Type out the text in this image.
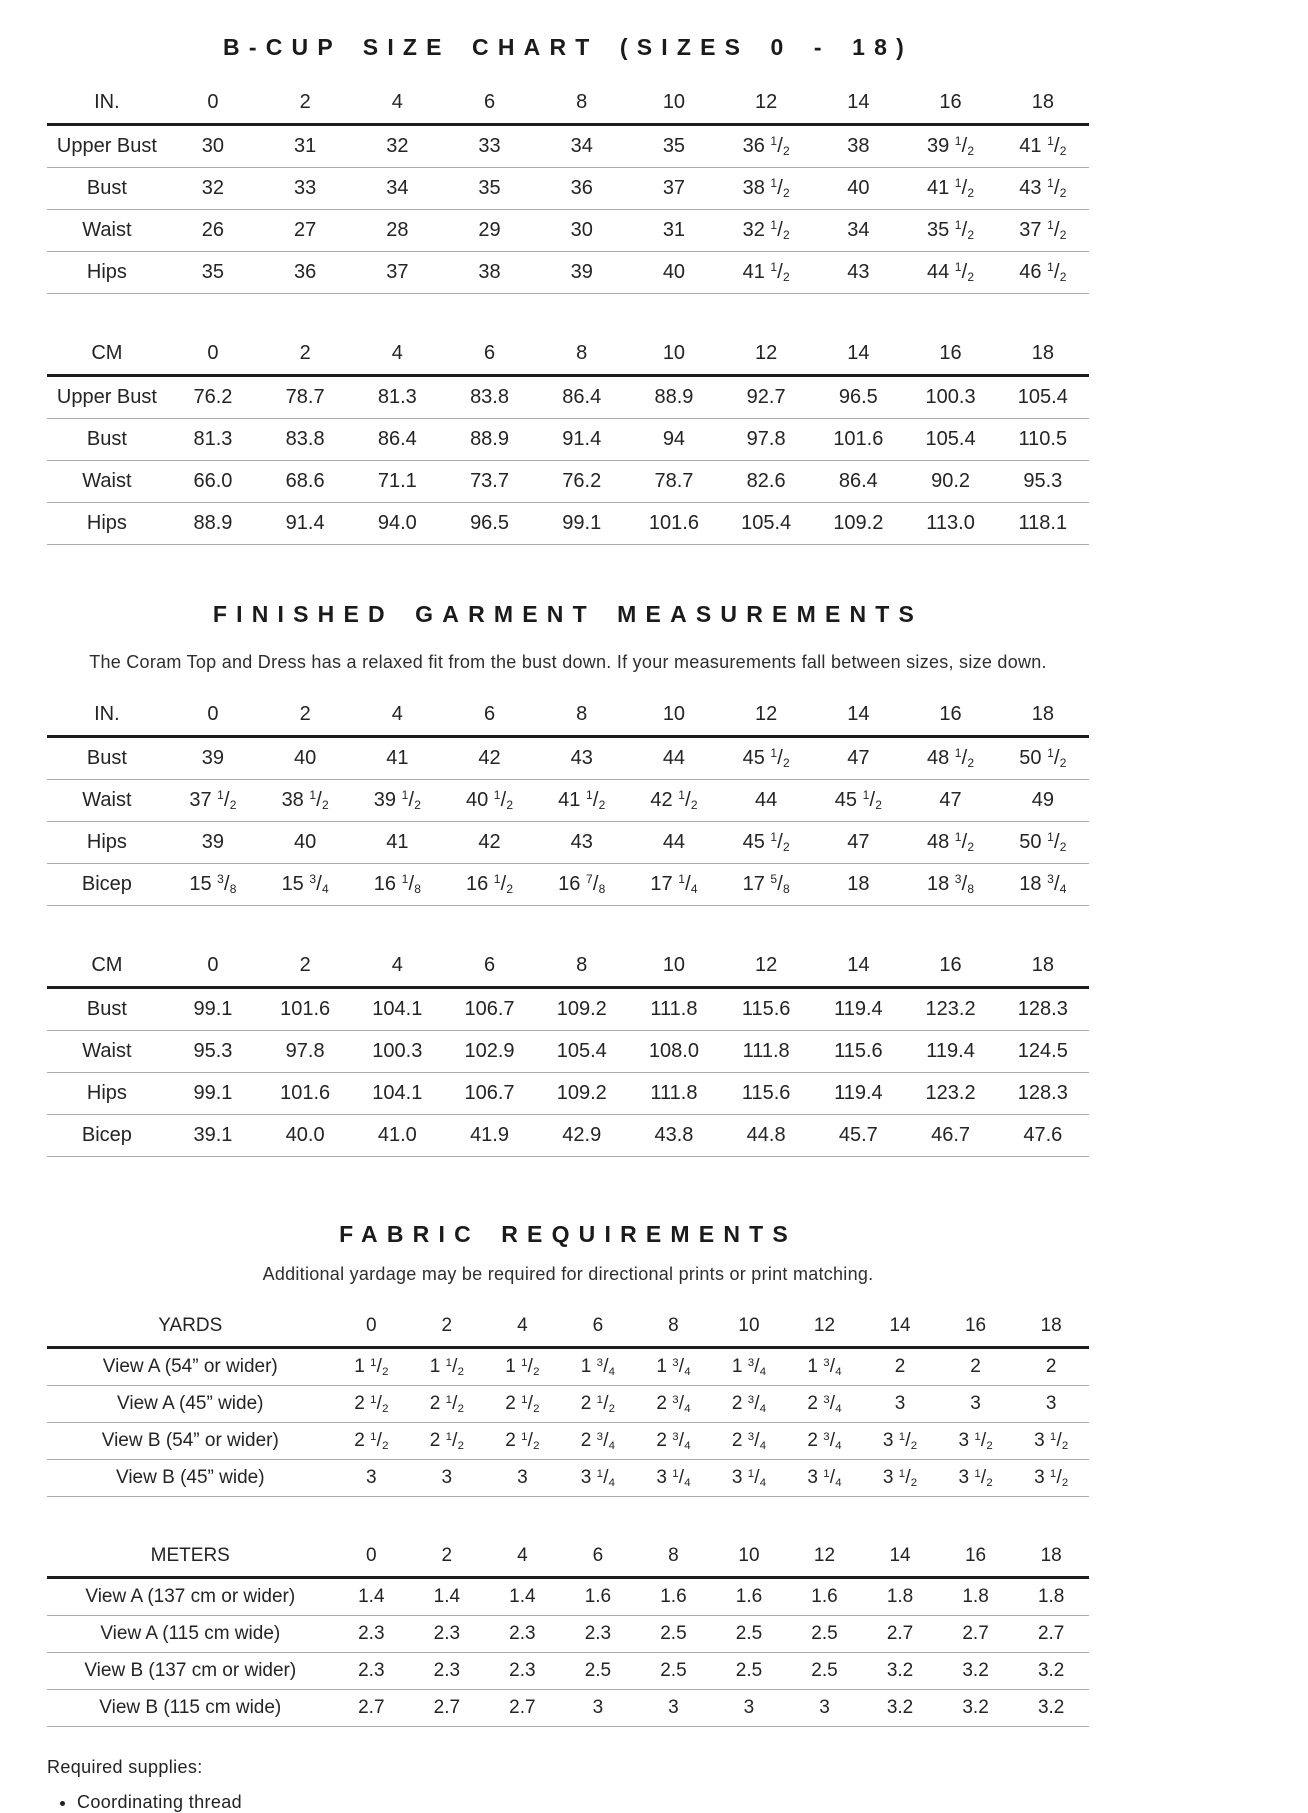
B-CUP SIZE CHART (SIZES 0 - 18)
IN.	0	2	4	6	8	10	12	14	16	18
Upper Bust	30	31	32	33	34	35	36 $^1/_2$	38	39 $^1/_2$	41 $^1/_2$
Bust	32	33	34	35	36	37	38 $^1/_2$	40	41 $^1/_2$	43 $^1/_2$
Waist	26	27	28	29	30	31	32 $^1/_2$	34	35 $^1/_2$	37 $^1/_2$
Hips	35	36	37	38	39	40	41 $^1/_2$	43	44 $^1/_2$	46 $^1/_2$
CM	0	2	4	6	8	10	12	14	16	18
Upper Bust	76.2	78.7	81.3	83.8	86.4	88.9	92.7	96.5	100.3	105.4
Bust	81.3	83.8	86.4	88.9	91.4	94	97.8	101.6	105.4	110.5
Waist	66.0	68.6	71.1	73.7	76.2	78.7	82.6	86.4	90.2	95.3
Hips	88.9	91.4	94.0	96.5	99.1	101.6	105.4	109.2	113.0	118.1
FINISHED GARMENT MEASUREMENTS
The Coram Top and Dress has a relaxed fit from the bust down. If your measurements fall between sizes, size down.
IN.	0	2	4	6	8	10	12	14	16	18
Bust	39	40	41	42	43	44	45 $^1/_2$	47	48 $^1/_2$	50 $^1/_2$
Waist	37 $^1/_2$	38 $^1/_2$	39 $^1/_2$	40 $^1/_2$	41 $^1/_2$	42 $^1/_2$	44	45 $^1/_2$	47	49
Hips	39	40	41	42	43	44	45 $^1/_2$	47	48 $^1/_2$	50 $^1/_2$
Bicep	15 $^3/_8$	15 $^3/_4$	16 $^1/_8$	16 $^1/_2$	16 $^7/_8$	17 $^1/_4$	17 $^5/_8$	18	18 $^3/_8$	18 $^3/_4$
CM	0	2	4	6	8	10	12	14	16	18
Bust	99.1	101.6	104.1	106.7	109.2	111.8	115.6	119.4	123.2	128.3
Waist	95.3	97.8	100.3	102.9	105.4	108.0	111.8	115.6	119.4	124.5
Hips	99.1	101.6	104.1	106.7	109.2	111.8	115.6	119.4	123.2	128.3
Bicep	39.1	40.0	41.0	41.9	42.9	43.8	44.8	45.7	46.7	47.6
FABRIC REQUIREMENTS
Additional yardage may be required for directional prints or print matching.
YARDS	0	2	4	6	8	10	12	14	16	18
View A (54” or wider)	1 $^1/_2$	1 $^1/_2$	1 $^1/_2$	1 $^3/_4$	1 $^3/_4$	1 $^3/_4$	1 $^3/_4$	2	2	2
View A (45” wide)	2 $^1/_2$	2 $^1/_2$	2 $^1/_2$	2 $^1/_2$	2 $^3/_4$	2 $^3/_4$	2 $^3/_4$	3	3	3
View B (54” or wider)	2 $^1/_2$	2 $^1/_2$	2 $^1/_2$	2 $^3/_4$	2 $^3/_4$	2 $^3/_4$	2 $^3/_4$	3 $^1/_2$	3 $^1/_2$	3 $^1/_2$
View B (45” wide)	3	3	3	3 $^1/_4$	3 $^1/_4$	3 $^1/_4$	3 $^1/_4$	3 $^1/_2$	3 $^1/_2$	3 $^1/_2$
METERS	0	2	4	6	8	10	12	14	16	18
View A (137 cm or wider)	1.4	1.4	1.4	1.6	1.6	1.6	1.6	1.8	1.8	1.8
View A (115 cm wide)	2.3	2.3	2.3	2.3	2.5	2.5	2.5	2.7	2.7	2.7
View B (137 cm or wider)	2.3	2.3	2.3	2.5	2.5	2.5	2.5	3.2	3.2	3.2
View B (115 cm wide)	2.7	2.7	2.7	3	3	3	3	3.2	3.2	3.2
Required supplies:
• Coordinating thread
